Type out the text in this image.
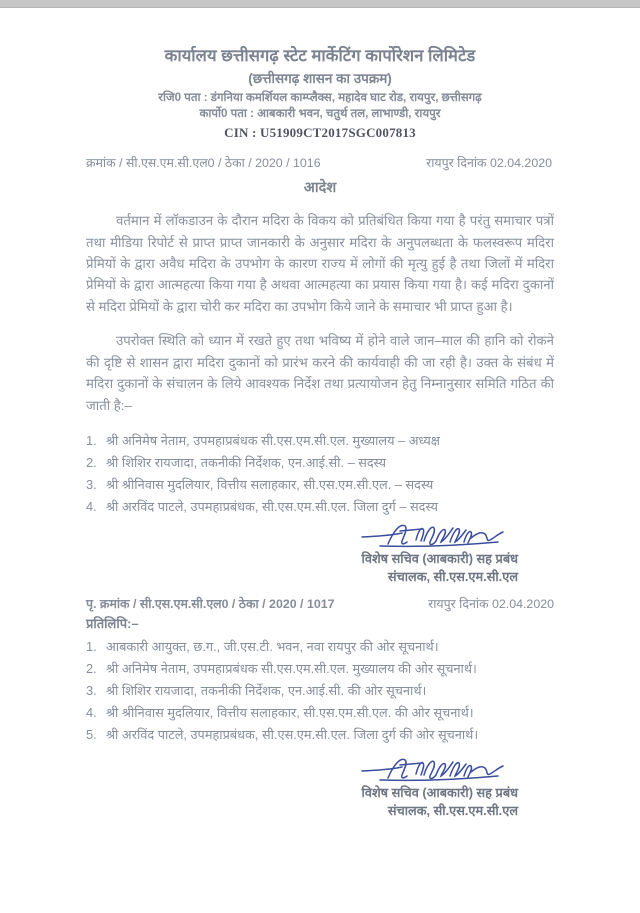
कार्यालय छत्तीसगढ़ स्टेट मार्केटिंग कार्पोरेशन लिमिटेड
(छत्तीसगढ़ शासन का उपक्रम)
रजि0 पता : डंगनिया कमर्शियल काम्प्लैक्स, महादेव घाट रोड, रायपुर, छत्तीसगढ़
कार्पो0 पता : आबकारी भवन, चतुर्थ तल, लाभाण्डी, रायपुर
CIN : U51909CT2017SGC007813
क्रमांक / सी.एस.एम.सी.एल0 / ठेका / 2020 / 1016	रायपुर दिनांक 02.04.2020
आदेश

वर्तमान में लॉकडाउन के दौरान मदिरा के विकय को प्रतिबंधित किया गया है परंतु समाचार पत्रों तथा मीडिया रिपोर्ट से प्राप्त प्राप्त जानकारी के अनुसार मदिरा के अनुपलब्धता के फलस्वरूप मदिरा प्रेमियों के द्वारा अवैध मदिरा के उपभोग के कारण राज्य में लोगों की मृत्यु हुई है तथा जिलों में मदिरा प्रेमियों के द्वारा आत्महत्या किया गया है अथवा आत्महत्या का प्रयास किया गया है। कई मदिरा दुकानों से मदिरा प्रेमियों के द्वारा चोरी कर मदिरा का उपभोग किये जाने के समाचार भी प्राप्त हुआ है।

उपरोक्त स्थिति को ध्यान में रखते हुए तथा भविष्य में होने वाले जान–माल की हानि को रोकने की दृष्टि से शासन द्वारा मदिरा दुकानों को प्रारंभ करने की कार्यवाही की जा रही है। उक्त के संबंध में मदिरा दुकानों के संचालन के लिये आवश्यक निर्देश तथा प्रत्यायोजन हेतु निम्नानुसार समिति गठित की जाती है:–

1. श्री अनिमेष नेताम, उपमहाप्रबंधक सी.एस.एम.सी.एल. मुख्यालय – अध्यक्ष
2. श्री शिशिर रायजादा, तकनीकी निर्देशक, एन.आई.सी. – सदस्य
3. श्री श्रीनिवास मुदलियार, वित्तीय सलाहकार, सी.एस.एम.सी.एल. – सदस्य
4. श्री अरविंद पाटले, उपमहाप्रबंधक, सी.एस.एम.सी.एल. जिला दुर्ग – सदस्य
विशेष सचिव (आबकारी) सह प्रबंध
संचालक, सी.एस.एम.सी.एल
पृ. क्रमांक / सी.एस.एम.सी.एल0 / ठेका / 2020 / 1017	रायपुर दिनांक 02.04.2020
प्रतिलिपि:–
1. आबकारी आयुक्त, छ.ग., जी.एस.टी. भवन, नवा रायपुर की ओर सूचनार्थ।
2. श्री अनिमेष नेताम, उपमहाप्रबंधक सी.एस.एम.सी.एल. मुख्यालय की ओर सूचनार्थ।
3. श्री शिशिर रायजादा, तकनीकी निर्देशक, एन.आई.सी. की ओर सूचनार्थ।
4. श्री श्रीनिवास मुदलियार, वित्तीय सलाहकार, सी.एस.एम.सी.एल. की ओर सूचनार्थ।
5. श्री अरविंद पाटले, उपमहाप्रबंधक, सी.एस.एम.सी.एल. जिला दुर्ग की ओर सूचनार्थ।
विशेष सचिव (आबकारी) सह प्रबंध
संचालक, सी.एस.एम.सी.एल
